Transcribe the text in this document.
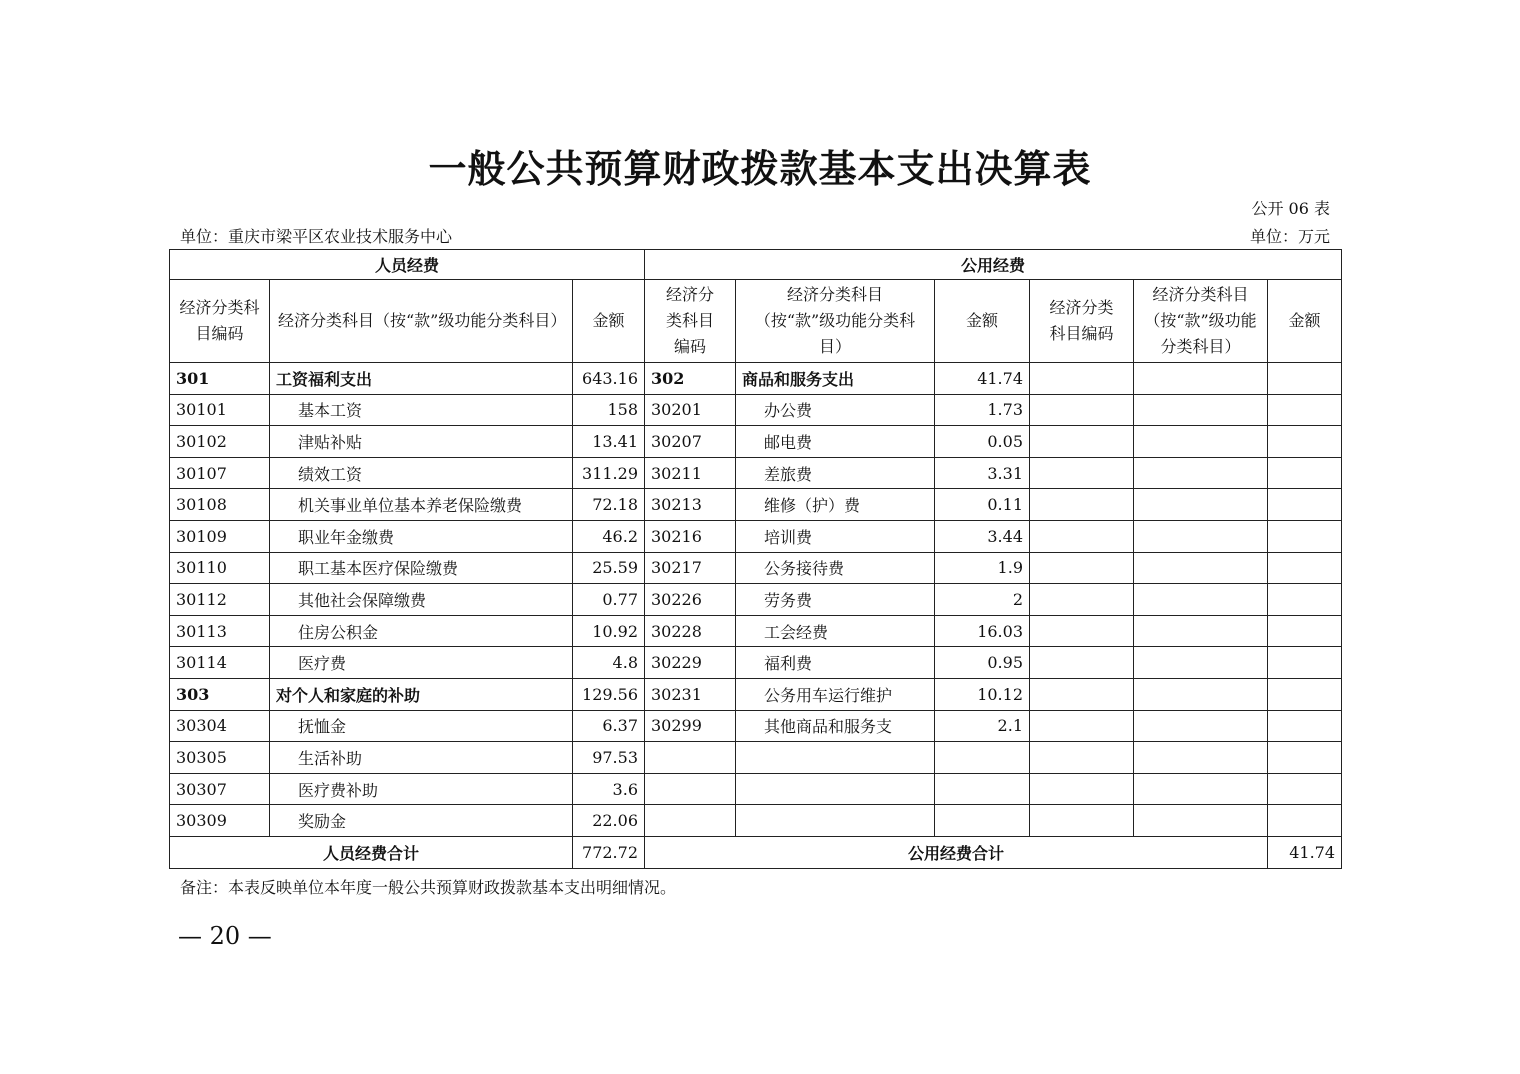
一般公共预算财政拨款基本支出决算表
公开 06 表
单位：重庆市梁平区农业技术服务中心	单位：万元
人员经费			公用经费					
经济分类科目编码	经济分类科目（按“款”级功能分类科目）	金额	经济分类科目编码	经济分类科目（按“款”级功能分类科目）	金额	经济分类科目编码	经济分类科目（按“款”级功能分类科目）	金额
301	工资福利支出	643.16	302	商品和服务支出	41.74			
30101	基本工资	158	30201	办公费	1.73			
30102	津贴补贴	13.41	30207	邮电费	0.05			
30107	绩效工资	311.29	30211	差旅费	3.31			
30108	机关事业单位基本养老保险缴费	72.18	30213	维修（护）费	0.11			
30109	职业年金缴费	46.2	30216	培训费	3.44			
30110	职工基本医疗保险缴费	25.59	30217	公务接待费	1.9			
30112	其他社会保障缴费	0.77	30226	劳务费	2			
30113	住房公积金	10.92	30228	工会经费	16.03			
30114	医疗费	4.8	30229	福利费	0.95			
303	对个人和家庭的补助	129.56	30231	公务用车运行维护	10.12			
30304	抚恤金	6.37	30299	其他商品和服务支	2.1			
30305	生活补助	97.53						
30307	医疗费补助	3.6						
30309	奖励金	22.06						
人员经费合计		772.72	公用经费合计					41.74
备注：本表反映单位本年度一般公共预算财政拨款基本支出明细情况。
— 20 —
